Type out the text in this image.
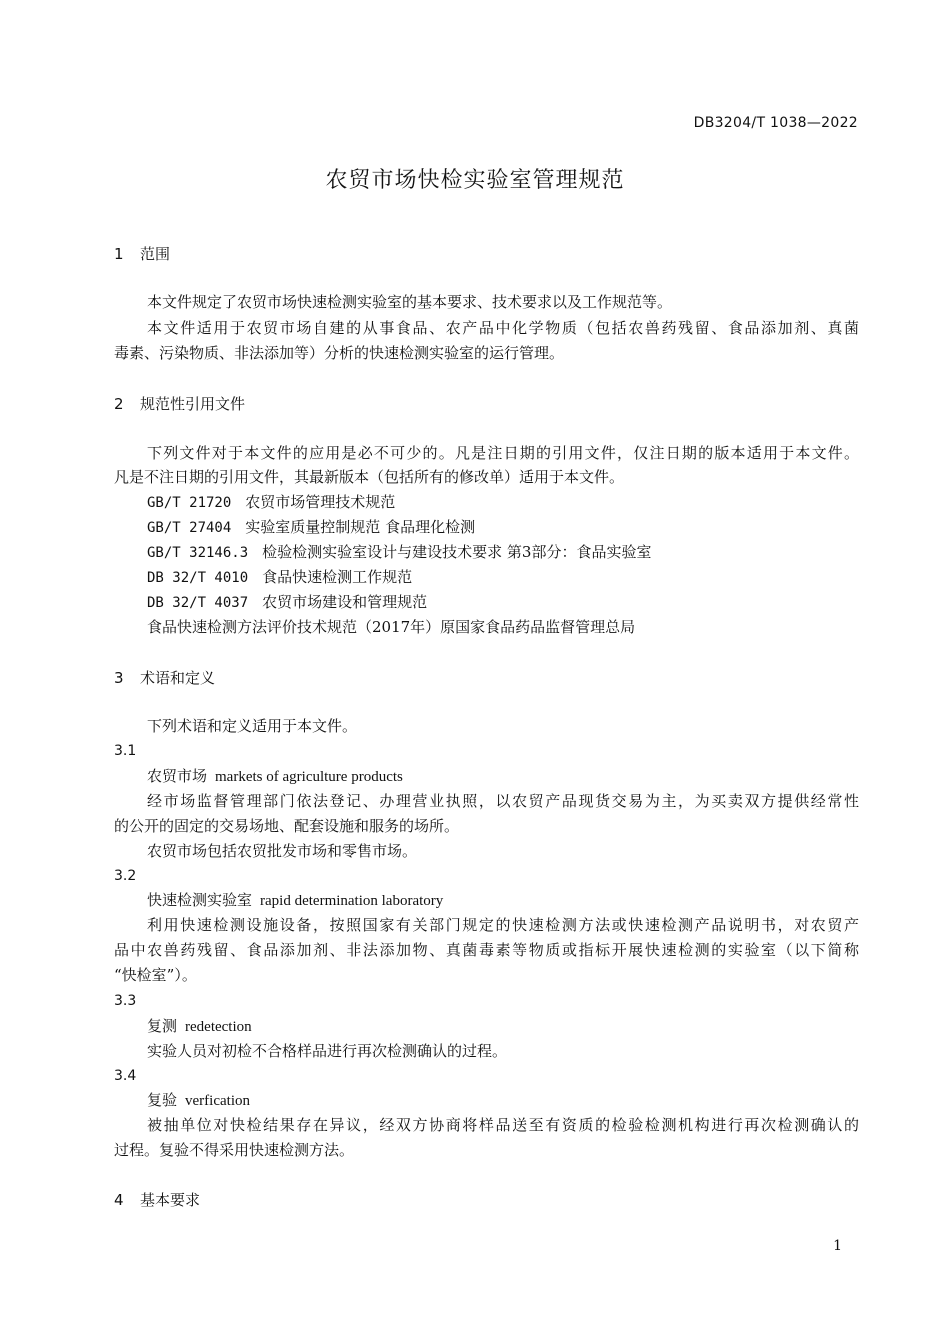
DB3204/T 1038—2022
农贸市场快检实验室管理规范
1 范围
本文件规定了农贸市场快速检测实验室的基本要求、技术要求以及工作规范等。
本文件适用于农贸市场自建的从事食品、农产品中化学物质（包括农兽药残留、食品添加剂、真菌
毒素、污染物质、非法添加等）分析的快速检测实验室的运行管理。
2 规范性引用文件
下列文件对于本文件的应用是必不可少的。凡是注日期的引用文件，仅注日期的版本适用于本文件。
凡是不注日期的引用文件，其最新版本（包括所有的修改单）适用于本文件。
GB/T 21720 农贸市场管理技术规范
GB/T 27404 实验室质量控制规范 食品理化检测
GB/T 32146.3 检验检测实验室设计与建设技术要求 第3部分：食品实验室
DB 32/T 4010 食品快速检测工作规范
DB 32/T 4037 农贸市场建设和管理规范
食品快速检测方法评价技术规范（2017年）原国家食品药品监督管理总局
3 术语和定义
下列术语和定义适用于本文件。
3.1
农贸市场 markets of agriculture products
经市场监督管理部门依法登记、办理营业执照，以农贸产品现货交易为主，为买卖双方提供经常性
的公开的固定的交易场地、配套设施和服务的场所。
农贸市场包括农贸批发市场和零售市场。
3.2
快速检测实验室 rapid determination laboratory
利用快速检测设施设备，按照国家有关部门规定的快速检测方法或快速检测产品说明书，对农贸产
品中农兽药残留、食品添加剂、非法添加物、真菌毒素等物质或指标开展快速检测的实验室（以下简称
“快检室”）。
3.3
复测 redetection
实验人员对初检不合格样品进行再次检测确认的过程。
3.4
复验 verfication
被抽单位对快检结果存在异议，经双方协商将样品送至有资质的检验检测机构进行再次检测确认的
过程。复验不得采用快速检测方法。
4 基本要求
1
